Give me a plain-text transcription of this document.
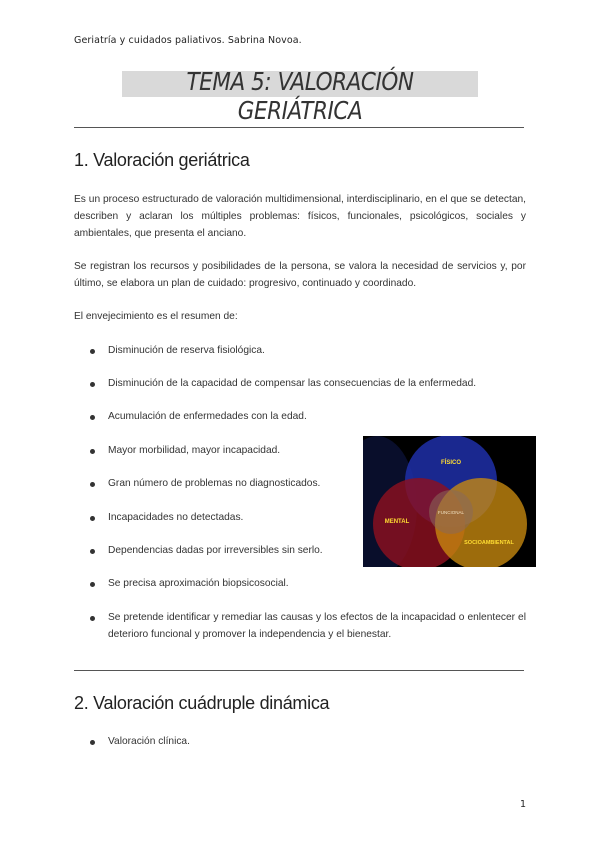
Geriatría y cuidados paliativos. Sabrina Novoa.
TEMA 5: VALORACIÓN GERIÁTRICA
1. Valoración geriátrica
Es un proceso estructurado de valoración multidimensional, interdisciplinario, en el que se detectan, describen y aclaran los múltiples problemas: físicos, funcionales, psicológicos, sociales y ambientales, que presenta el anciano.
Se registran los recursos y posibilidades de la persona, se valora la necesidad de servicios y, por último, se elabora un plan de cuidado: progresivo, continuado y coordinado.
El envejecimiento es el resumen de:
Disminución de reserva fisiológica.
Disminución de la capacidad de compensar las consecuencias de la enfermedad.
Acumulación de enfermedades con la edad.
Mayor morbilidad, mayor incapacidad.
Gran número de problemas no diagnosticados.
Incapacidades no detectadas.
Dependencias dadas por irreversibles sin serlo.
Se precisa aproximación biopsicosocial.
Se pretende identificar y remediar las causas y los efectos de la incapacidad o enlentecer el deterioro funcional y promover la independencia y el bienestar.
FÍSICO
MENTAL
SOCIOAMBIENTAL
FUNCIONAL
2. Valoración cuádruple dinámica
Valoración clínica.
1
